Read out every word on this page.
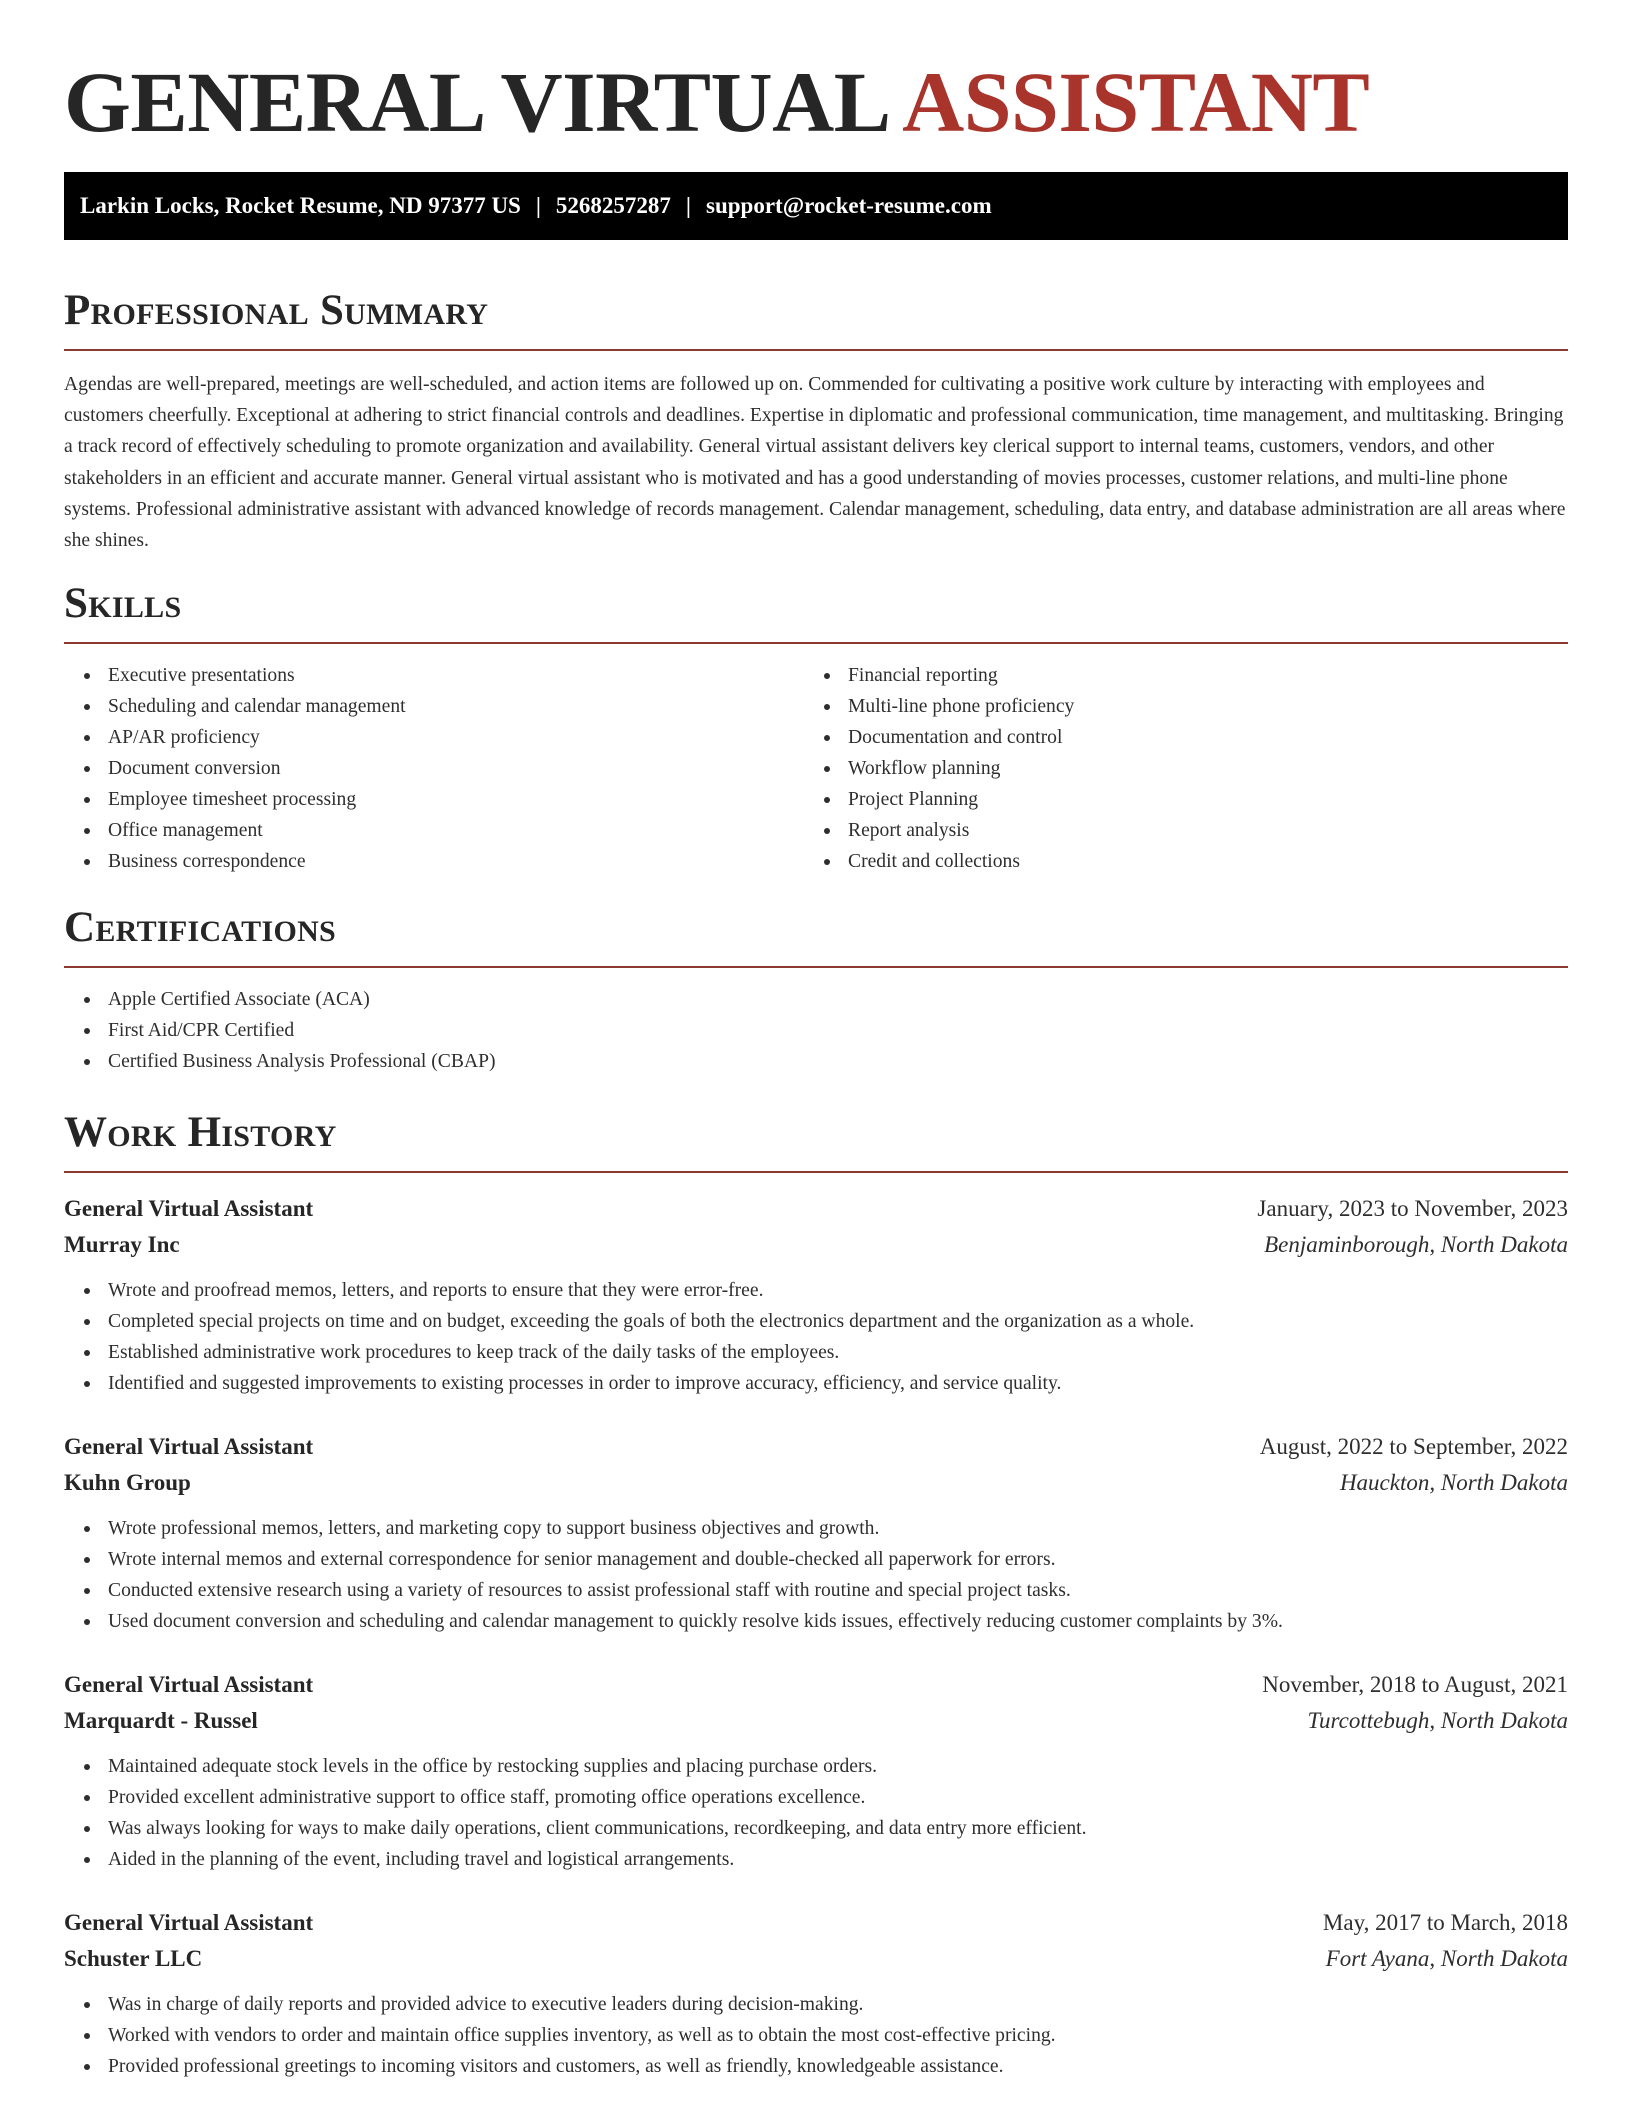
GENERAL VIRTUAL ASSISTANT
Larkin Locks, Rocket Resume, ND 97377 US | 5268257287 | support@rocket-resume.com
Professional Summary

Agendas are well-prepared, meetings are well-scheduled, and action items are followed up on. Commended for cultivating a positive work culture by interacting with employees and customers cheerfully. Exceptional at adhering to strict financial controls and deadlines. Expertise in diplomatic and professional communication, time management, and multitasking. Bringing a track record of effectively scheduling to promote organization and availability. General virtual assistant delivers key clerical support to internal teams, customers, vendors, and other stakeholders in an efficient and accurate manner. General virtual assistant who is motivated and has a good understanding of movies processes, customer relations, and multi-line phone systems. Professional administrative assistant with advanced knowledge of records management. Calendar management, scheduling, data entry, and database administration are all areas where she shines.

Skills
Executive presentations
Scheduling and calendar management
AP/AR proficiency
Document conversion
Employee timesheet processing
Office management
Business correspondence
Financial reporting
Multi-line phone proficiency
Documentation and control
Workflow planning
Project Planning
Report analysis
Credit and collections
Certifications
Apple Certified Associate (ACA)
First Aid/CPR Certified
Certified Business Analysis Professional (CBAP)
Work History
General Virtual Assistant	January, 2023 to November, 2023
Murray Inc	Benjaminborough, North Dakota
Wrote and proofread memos, letters, and reports to ensure that they were error-free.
Completed special projects on time and on budget, exceeding the goals of both the electronics department and the organization as a whole.
Established administrative work procedures to keep track of the daily tasks of the employees.
Identified and suggested improvements to existing processes in order to improve accuracy, efficiency, and service quality.
General Virtual Assistant	August, 2022 to September, 2022
Kuhn Group	Hauckton, North Dakota
Wrote professional memos, letters, and marketing copy to support business objectives and growth.
Wrote internal memos and external correspondence for senior management and double-checked all paperwork for errors.
Conducted extensive research using a variety of resources to assist professional staff with routine and special project tasks.
Used document conversion and scheduling and calendar management to quickly resolve kids issues, effectively reducing customer complaints by 3%.
General Virtual Assistant	November, 2018 to August, 2021
Marquardt - Russel	Turcottebugh, North Dakota
Maintained adequate stock levels in the office by restocking supplies and placing purchase orders.
Provided excellent administrative support to office staff, promoting office operations excellence.
Was always looking for ways to make daily operations, client communications, recordkeeping, and data entry more efficient.
Aided in the planning of the event, including travel and logistical arrangements.
General Virtual Assistant	May, 2017 to March, 2018
Schuster LLC	Fort Ayana, North Dakota
Was in charge of daily reports and provided advice to executive leaders during decision-making.
Worked with vendors to order and maintain office supplies inventory, as well as to obtain the most cost-effective pricing.
Provided professional greetings to incoming visitors and customers, as well as friendly, knowledgeable assistance.
